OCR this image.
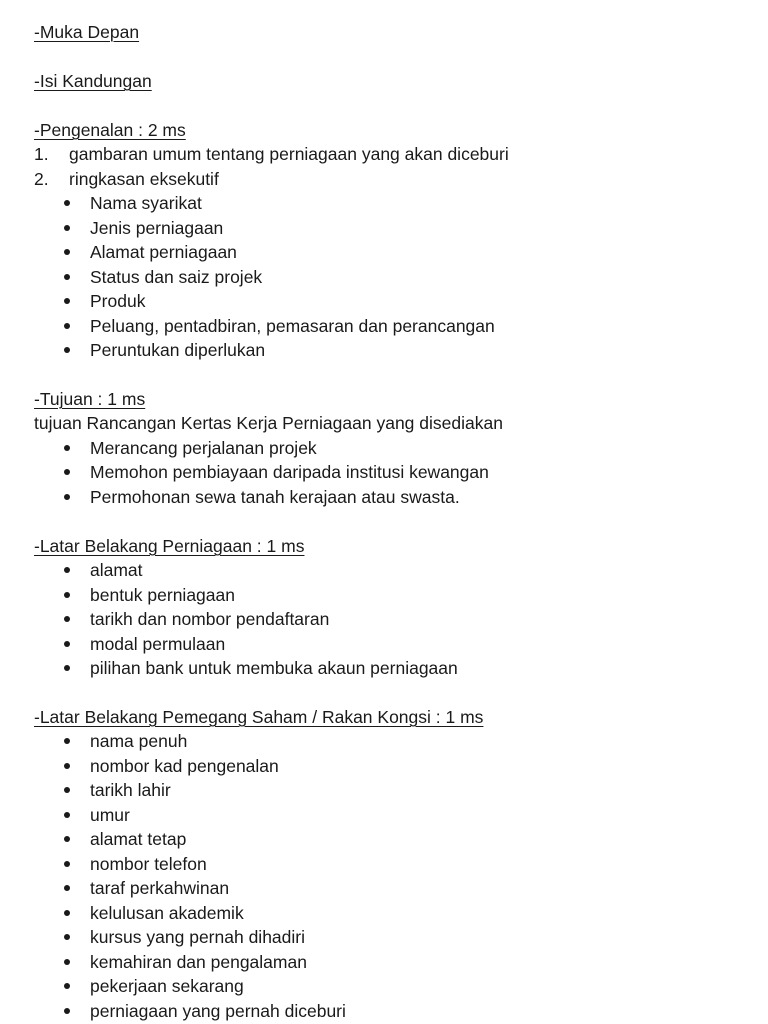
-Muka Depan
-Isi Kandungan
-Pengenalan : 2 ms
1. gambaran umum tentang perniagaan yang akan diceburi
2. ringkasan eksekutif
Nama syarikat
Jenis perniagaan
Alamat perniagaan
Status dan saiz projek
Produk
Peluang, pentadbiran, pemasaran dan perancangan
Peruntukan diperlukan
-Tujuan : 1 ms
tujuan Rancangan Kertas Kerja Perniagaan yang disediakan
Merancang perjalanan projek
Memohon pembiayaan daripada institusi kewangan
Permohonan sewa tanah kerajaan atau swasta.
-Latar Belakang Perniagaan : 1 ms
alamat
bentuk perniagaan
tarikh dan nombor pendaftaran
modal permulaan
pilihan bank untuk membuka akaun perniagaan
-Latar Belakang Pemegang Saham / Rakan Kongsi : 1 ms
nama penuh
nombor kad pengenalan
tarikh lahir
umur
alamat tetap
nombor telefon
taraf perkahwinan
kelulusan akademik
kursus yang pernah dihadiri
kemahiran dan pengalaman
pekerjaan sekarang
perniagaan yang pernah diceburi
